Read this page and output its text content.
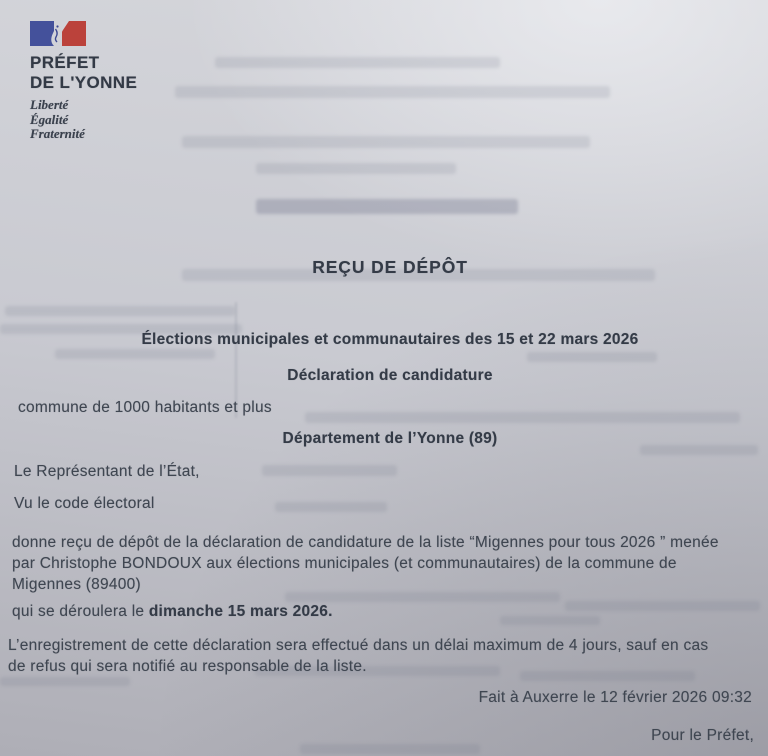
PRÉFET
DE L'YONNE
Liberté
Égalité
Fraternité
REÇU DE DÉPÔT
Élections municipales et communautaires des 15 et 22 mars 2026
Déclaration de candidature
commune de 1000 habitants et plus
Département de l’Yonne (89)
Le Représentant de l’État,
Vu le code électoral
donne reçu de dépôt de la déclaration de candidature de la liste “Migennes pour tous 2026 ” menée
par Christophe BONDOUX aux élections municipales (et communautaires) de la commune de
Migennes (89400)
qui se déroulera le dimanche 15 mars 2026.
L’enregistrement de cette déclaration sera effectué dans un délai maximum de 4 jours, sauf en cas
de refus qui sera notifié au responsable de la liste.
Fait à Auxerre le 12 février 2026 09:32
Pour le Préfet,
